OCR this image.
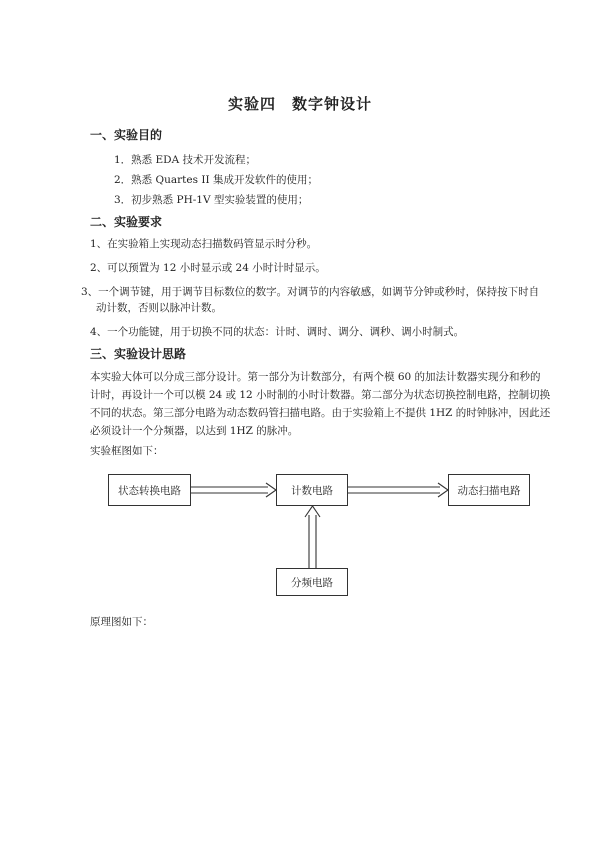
实验四　数字钟设计
一、实验目的
1．熟悉 EDA 技术开发流程；
2．熟悉 Quartes II 集成开发软件的使用；
3．初步熟悉 PH-1V 型实验装置的使用；
二、实验要求
1、在实验箱上实现动态扫描数码管显示时分秒。
2、可以预置为 12 小时显示或 24 小时计时显示。
3、一个调节键，用于调节目标数位的数字。对调节的内容敏感，如调节分钟或秒时，保持按下时自
动计数，否则以脉冲计数。
4、一个功能键，用于切换不同的状态：计时、调时、调分、调秒、调小时制式。
三、实验设计思路
本实验大体可以分成三部分设计。第一部分为计数部分，有两个模 60 的加法计数器实现分和秒的
计时，再设计一个可以模 24 或 12 小时制的小时计数器。第二部分为状态切换控制电路，控制切换
不同的状态。第三部分电路为动态数码管扫描电路。由于实验箱上不提供 1HZ 的时钟脉冲，因此还
必须设计一个分频器，以达到 1HZ 的脉冲。
实验框图如下：
状态转换电路	计数电路	动态扫描电路
分频电路
原理图如下：
